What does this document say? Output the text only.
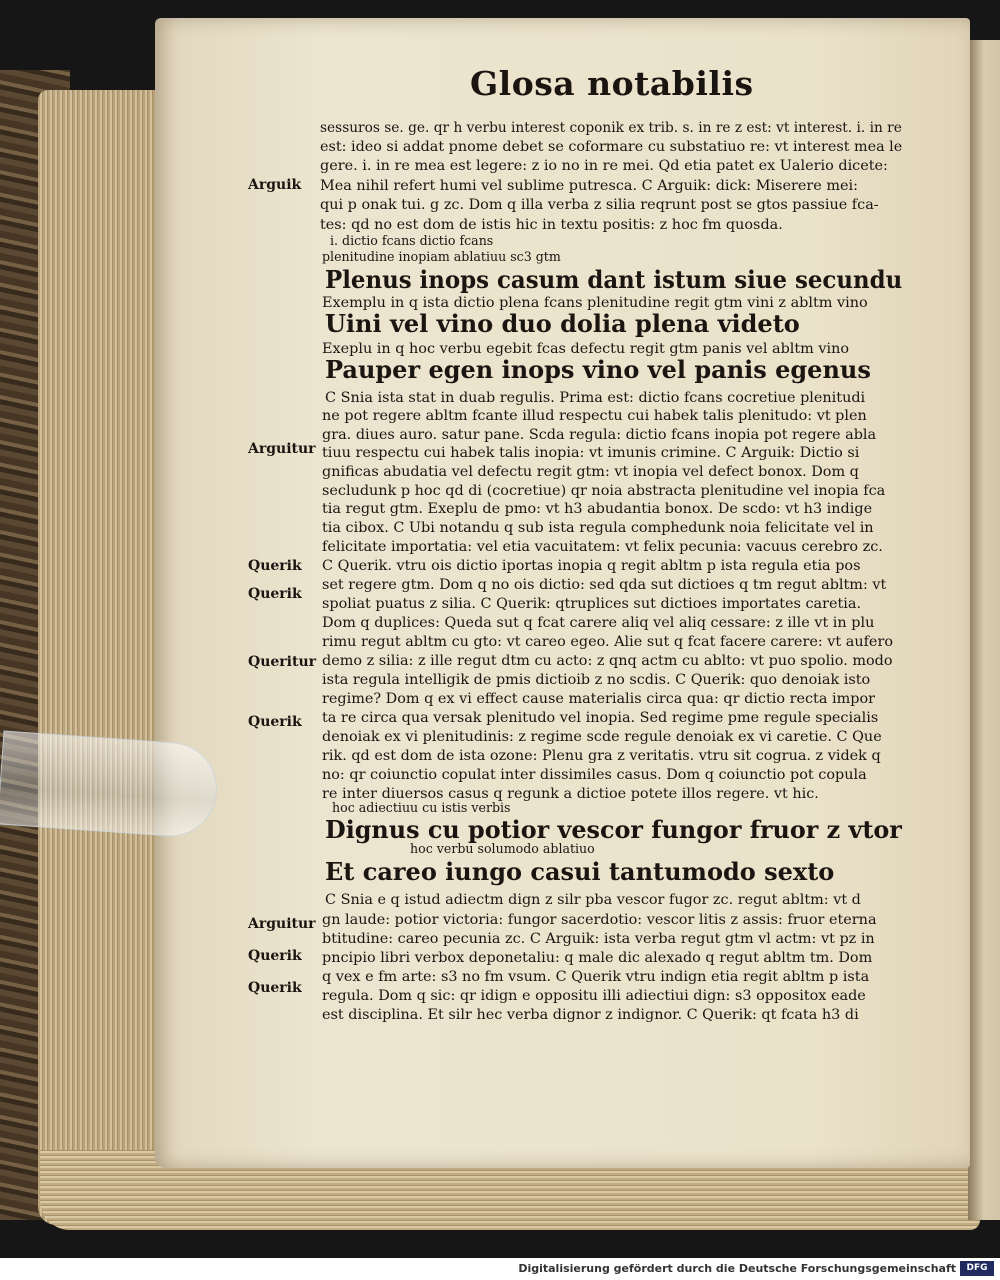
Glosa notabilis
sessuros se. ge. qr h verbu interest coponik ex trib. s. in re z est: vt interest. i. in re
est: ideo si addat pnome debet se coformare cu substatiuo re: vt interest mea le
gere. i. in re mea est legere: z io no in re mei. Qd etia patet ex Ualerio dicete:
Mea nihil refert humi vel sublime putresca. C Arguik: dick: Miserere mei:
qui p onak tui. g zc. Dom q illa verba z silia reqrunt post se gtos passiue fca-
tes: qd no est dom de istis hic in textu positis: z hoc fm quosda.
i. dictio fcans dictio fcans
plenitudine inopiam ablatiuu sc3 gtm
Plenus inops casum dant istum siue secundu
Exemplu in q ista dictio plena fcans plenitudine regit gtm vini z abltm vino
Uini vel vino duo dolia plena videto
Exeplu in q hoc verbu egebit fcas defectu regit gtm panis vel abltm vino
Pauper egen inops vino vel panis egenus
C Snia ista stat in duab regulis. Prima est: dictio fcans cocretiue plenitudi
ne pot regere abltm fcante illud respectu cui habek talis plenitudo: vt plen
gra. diues auro. satur pane. Scda regula: dictio fcans inopia pot regere abla
tiuu respectu cui habek talis inopia: vt imunis crimine. C Arguik: Dictio si
gnificas abudatia vel defectu regit gtm: vt inopia vel defect bonox. Dom q
secludunk p hoc qd di (cocretiue) qr noia abstracta plenitudine vel inopia fca
tia regut gtm. Exeplu de pmo: vt h3 abudantia bonox. De scdo: vt h3 indige
tia cibox. C Ubi notandu q sub ista regula comphedunk noia felicitate vel in
felicitate importatia: vel etia vacuitatem: vt felix pecunia: vacuus cerebro zc.
C Querik. vtru ois dictio iportas inopia q regit abltm p ista regula etia pos
set regere gtm. Dom q no ois dictio: sed qda sut dictioes q tm regut abltm: vt
spoliat puatus z silia. C Querik: qtruplices sut dictioes importates caretia.
Dom q duplices: Queda sut q fcat carere aliq vel aliq cessare: z ille vt in plu
rimu regut abltm cu gto: vt careo egeo. Alie sut q fcat facere carere: vt aufero
demo z silia: z ille regut dtm cu acto: z qnq actm cu ablto: vt puo spolio. modo
ista regula intelligik de pmis dictioib z no scdis. C Querik: quo denoiak isto
regime? Dom q ex vi effect cause materialis circa qua: qr dictio recta impor
ta re circa qua versak plenitudo vel inopia. Sed regime pme regule specialis
denoiak ex vi plenitudinis: z regime scde regule denoiak ex vi caretie. C Que
rik. qd est dom de ista ozone: Plenu gra z veritatis. vtru sit cogrua. z videk q
no: qr coiunctio copulat inter dissimiles casus. Dom q coiunctio pot copula
re inter diuersos casus q regunk a dictioe potete illos regere. vt hic.
hoc adiectiuu cu istis verbis
Dignus cu potior vescor fungor fruor z vtor
hoc verbu solumodo ablatiuo
Et careo iungo casui tantumodo sexto
C Snia e q istud adiectm dign z silr pba vescor fugor zc. regut abltm: vt d
gn laude: potior victoria: fungor sacerdotio: vescor litis z assis: fruor eterna
btitudine: careo pecunia zc. C Arguik: ista verba regut gtm vl actm: vt pz in
pncipio libri verbox deponetaliu: q male dic alexado q regut abltm tm. Dom
q vex e fm arte: s3 no fm vsum. C Querik vtru indign etia regit abltm p ista
regula. Dom q sic: qr idign e oppositu illi adiectiui dign: s3 oppositox eade
est disciplina. Et silr hec verba dignor z indignor. C Querik: qt fcata h3 di
Arguik
Arguitur
Querik
Querik
Queritur
Querik
Arguitur
Querik
Querik
Digitalisierung gefördert durch die Deutsche Forschungsgemeinschaft	DFG
